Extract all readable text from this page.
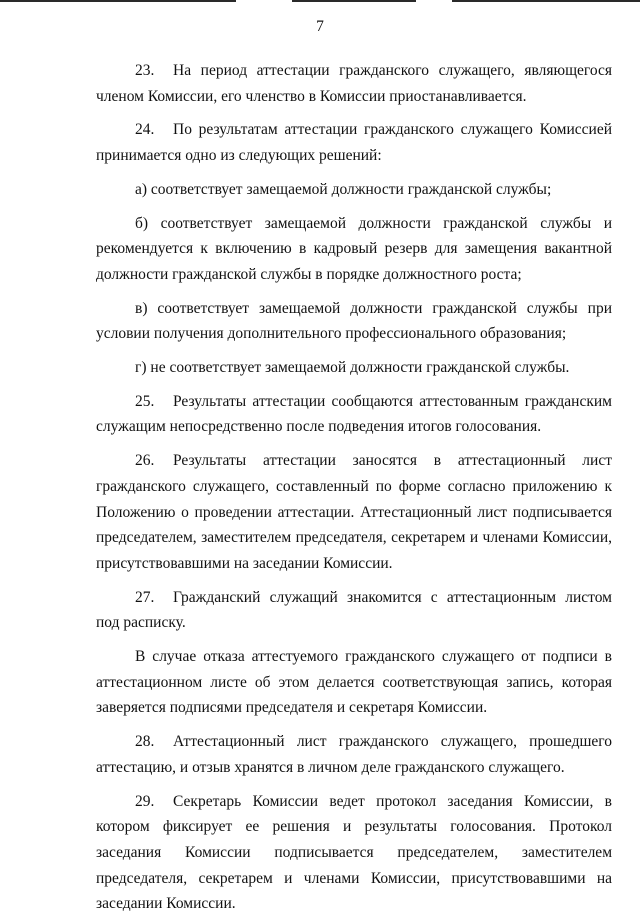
7

23. На период аттестации гражданского служащего, являющегося членом Комиссии, его членство в Комиссии приостанавливается.

24. По результатам аттестации гражданского служащего Комиссией принимается одно из следующих решений:

а) соответствует замещаемой должности гражданской службы;

б) соответствует замещаемой должности гражданской службы и рекомендуется к включению в кадровый резерв для замещения вакантной должности гражданской службы в порядке должностного роста;

в) соответствует замещаемой должности гражданской службы при условии получения дополнительного профессионального образования;

г) не соответствует замещаемой должности гражданской службы.

25. Результаты аттестации сообщаются аттестованным гражданским служащим непосредственно после подведения итогов голосования.

26. Результаты аттестации заносятся в аттестационный лист гражданского служащего, составленный по форме согласно приложению к Положению о проведении аттестации. Аттестационный лист подписывается председателем, заместителем председателя, секретарем и членами Комиссии, присутствовавшими на заседании Комиссии.

27. Гражданский служащий знакомится с аттестационным листом под расписку.

В случае отказа аттестуемого гражданского служащего от подписи в аттестационном листе об этом делается соответствующая запись, которая заверяется подписями председателя и секретаря Комиссии.

28. Аттестационный лист гражданского служащего, прошедшего аттестацию, и отзыв хранятся в личном деле гражданского служащего.

29. Секретарь Комиссии ведет протокол заседания Комиссии, в котором фиксирует ее решения и результаты голосования. Протокол заседания Комиссии подписывается председателем, заместителем председателя, секретарем и членами Комиссии, присутствовавшими на заседании Комиссии.
